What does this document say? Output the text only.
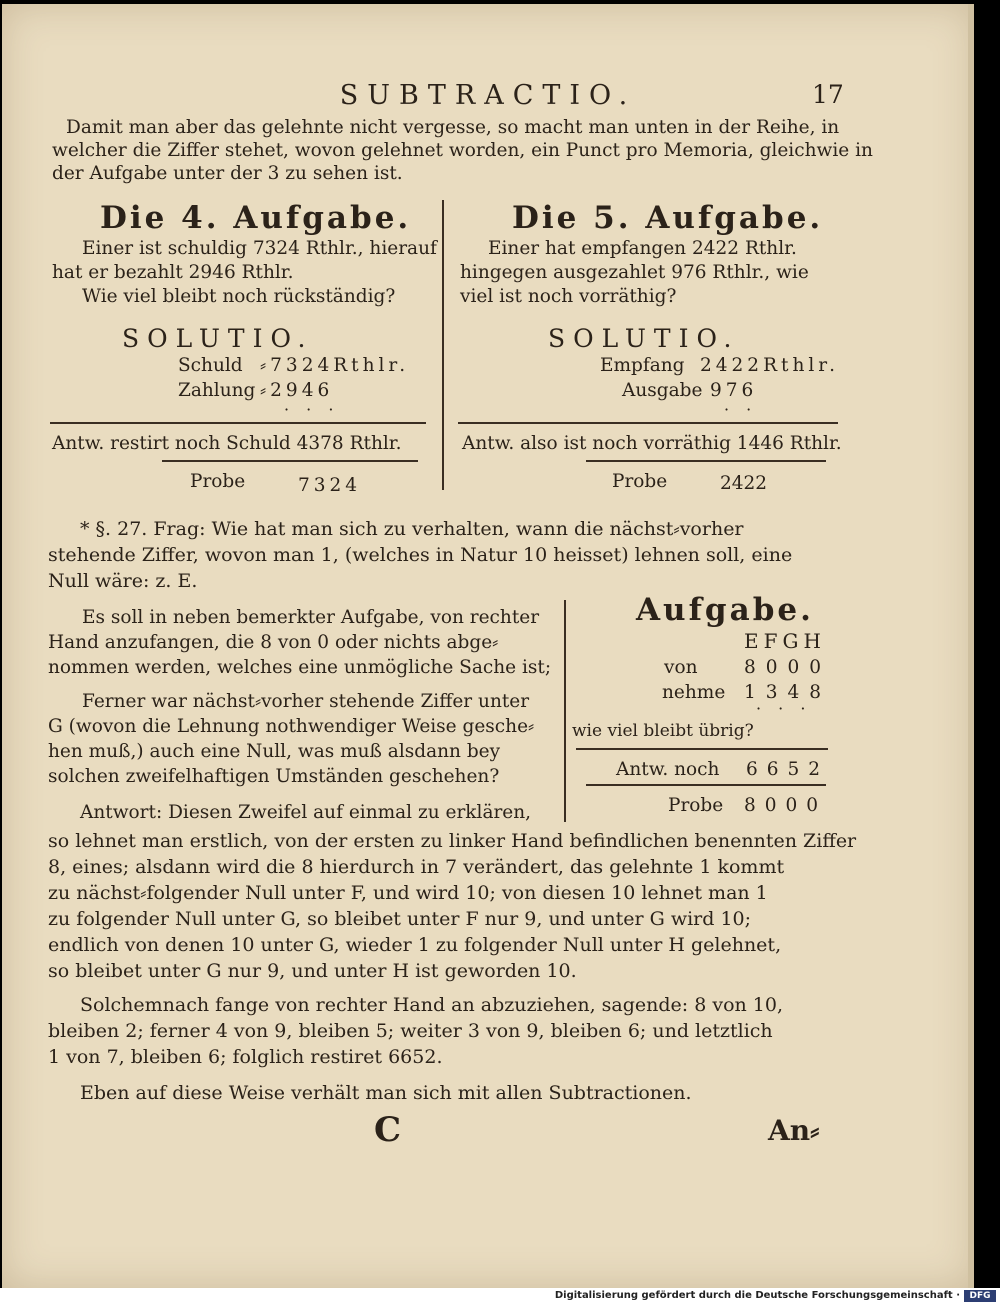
SUBTRACTIO.	17
Damit man aber das gelehnte nicht vergesse, so macht man unten in der Reihe, in
welcher die Ziffer stehet, wovon gelehnet worden, ein Punct pro Memoria, gleichwie in
der Aufgabe unter der 3 zu sehen ist.
Die 4. Aufgabe.
Einer ist schuldig 7324 Rthlr., hierauf
hat er bezahlt 2946 Rthlr.
Wie viel bleibt noch rückständig?
SOLUTIO.
Schuld ⸗7324Rthlr.
Zahlung ⸗2946
· · ·
Antw. restirt noch Schuld 4378 Rthlr.
Probe	7324
Die 5. Aufgabe.
Einer hat empfangen 2422 Rthlr.
hingegen ausgezahlet 976 Rthlr., wie
viel ist noch vorräthig?
SOLUTIO.
Empfang 2422Rthlr.
Ausgabe 976
· ·
Antw. also ist noch vorräthig 1446 Rthlr.
Probe	2422
* §. 27. Frag: Wie hat man sich zu verhalten, wann die nächst⸗vorher
stehende Ziffer, wovon man 1, (welches in Natur 10 heisset) lehnen soll, eine
Null wäre: z. E.
Es soll in neben bemerkter Aufgabe, von rechter
Hand anzufangen, die 8 von 0 oder nichts abge⸗
nommen werden, welches eine unmögliche Sache ist;
Ferner war nächst⸗vorher stehende Ziffer unter
G (wovon die Lehnung nothwendiger Weise gesche⸗
hen muß,) auch eine Null, was muß alsdann bey
solchen zweifelhaftigen Umständen geschehen?
Antwort: Diesen Zweifel auf einmal zu erklären,
Aufgabe.
EFGH
von	8000
nehme 1348
· · ·
wie viel bleibt übrig?
Antw. noch 6652
Probe 8000
so lehnet man erstlich, von der ersten zu linker Hand befindlichen benennten Ziffer
8, eines; alsdann wird die 8 hierdurch in 7 verändert, das gelehnte 1 kommt
zu nächst⸗folgender Null unter F, und wird 10; von diesen 10 lehnet man 1
zu folgender Null unter G, so bleibet unter F nur 9, und unter G wird 10;
endlich von denen 10 unter G, wieder 1 zu folgender Null unter H gelehnet,
so bleibet unter G nur 9, und unter H ist geworden 10.
Solchemnach fange von rechter Hand an abzuziehen, sagende: 8 von 10,
bleiben 2; ferner 4 von 9, bleiben 5; weiter 3 von 9, bleiben 6; und letztlich
1 von 7, bleiben 6; folglich restiret 6652.
Eben auf diese Weise verhält man sich mit allen Subtractionen.
C	An⸗
Digitalisierung gefördert durch die Deutsche Forschungsgemeinschaft ·	DFG
